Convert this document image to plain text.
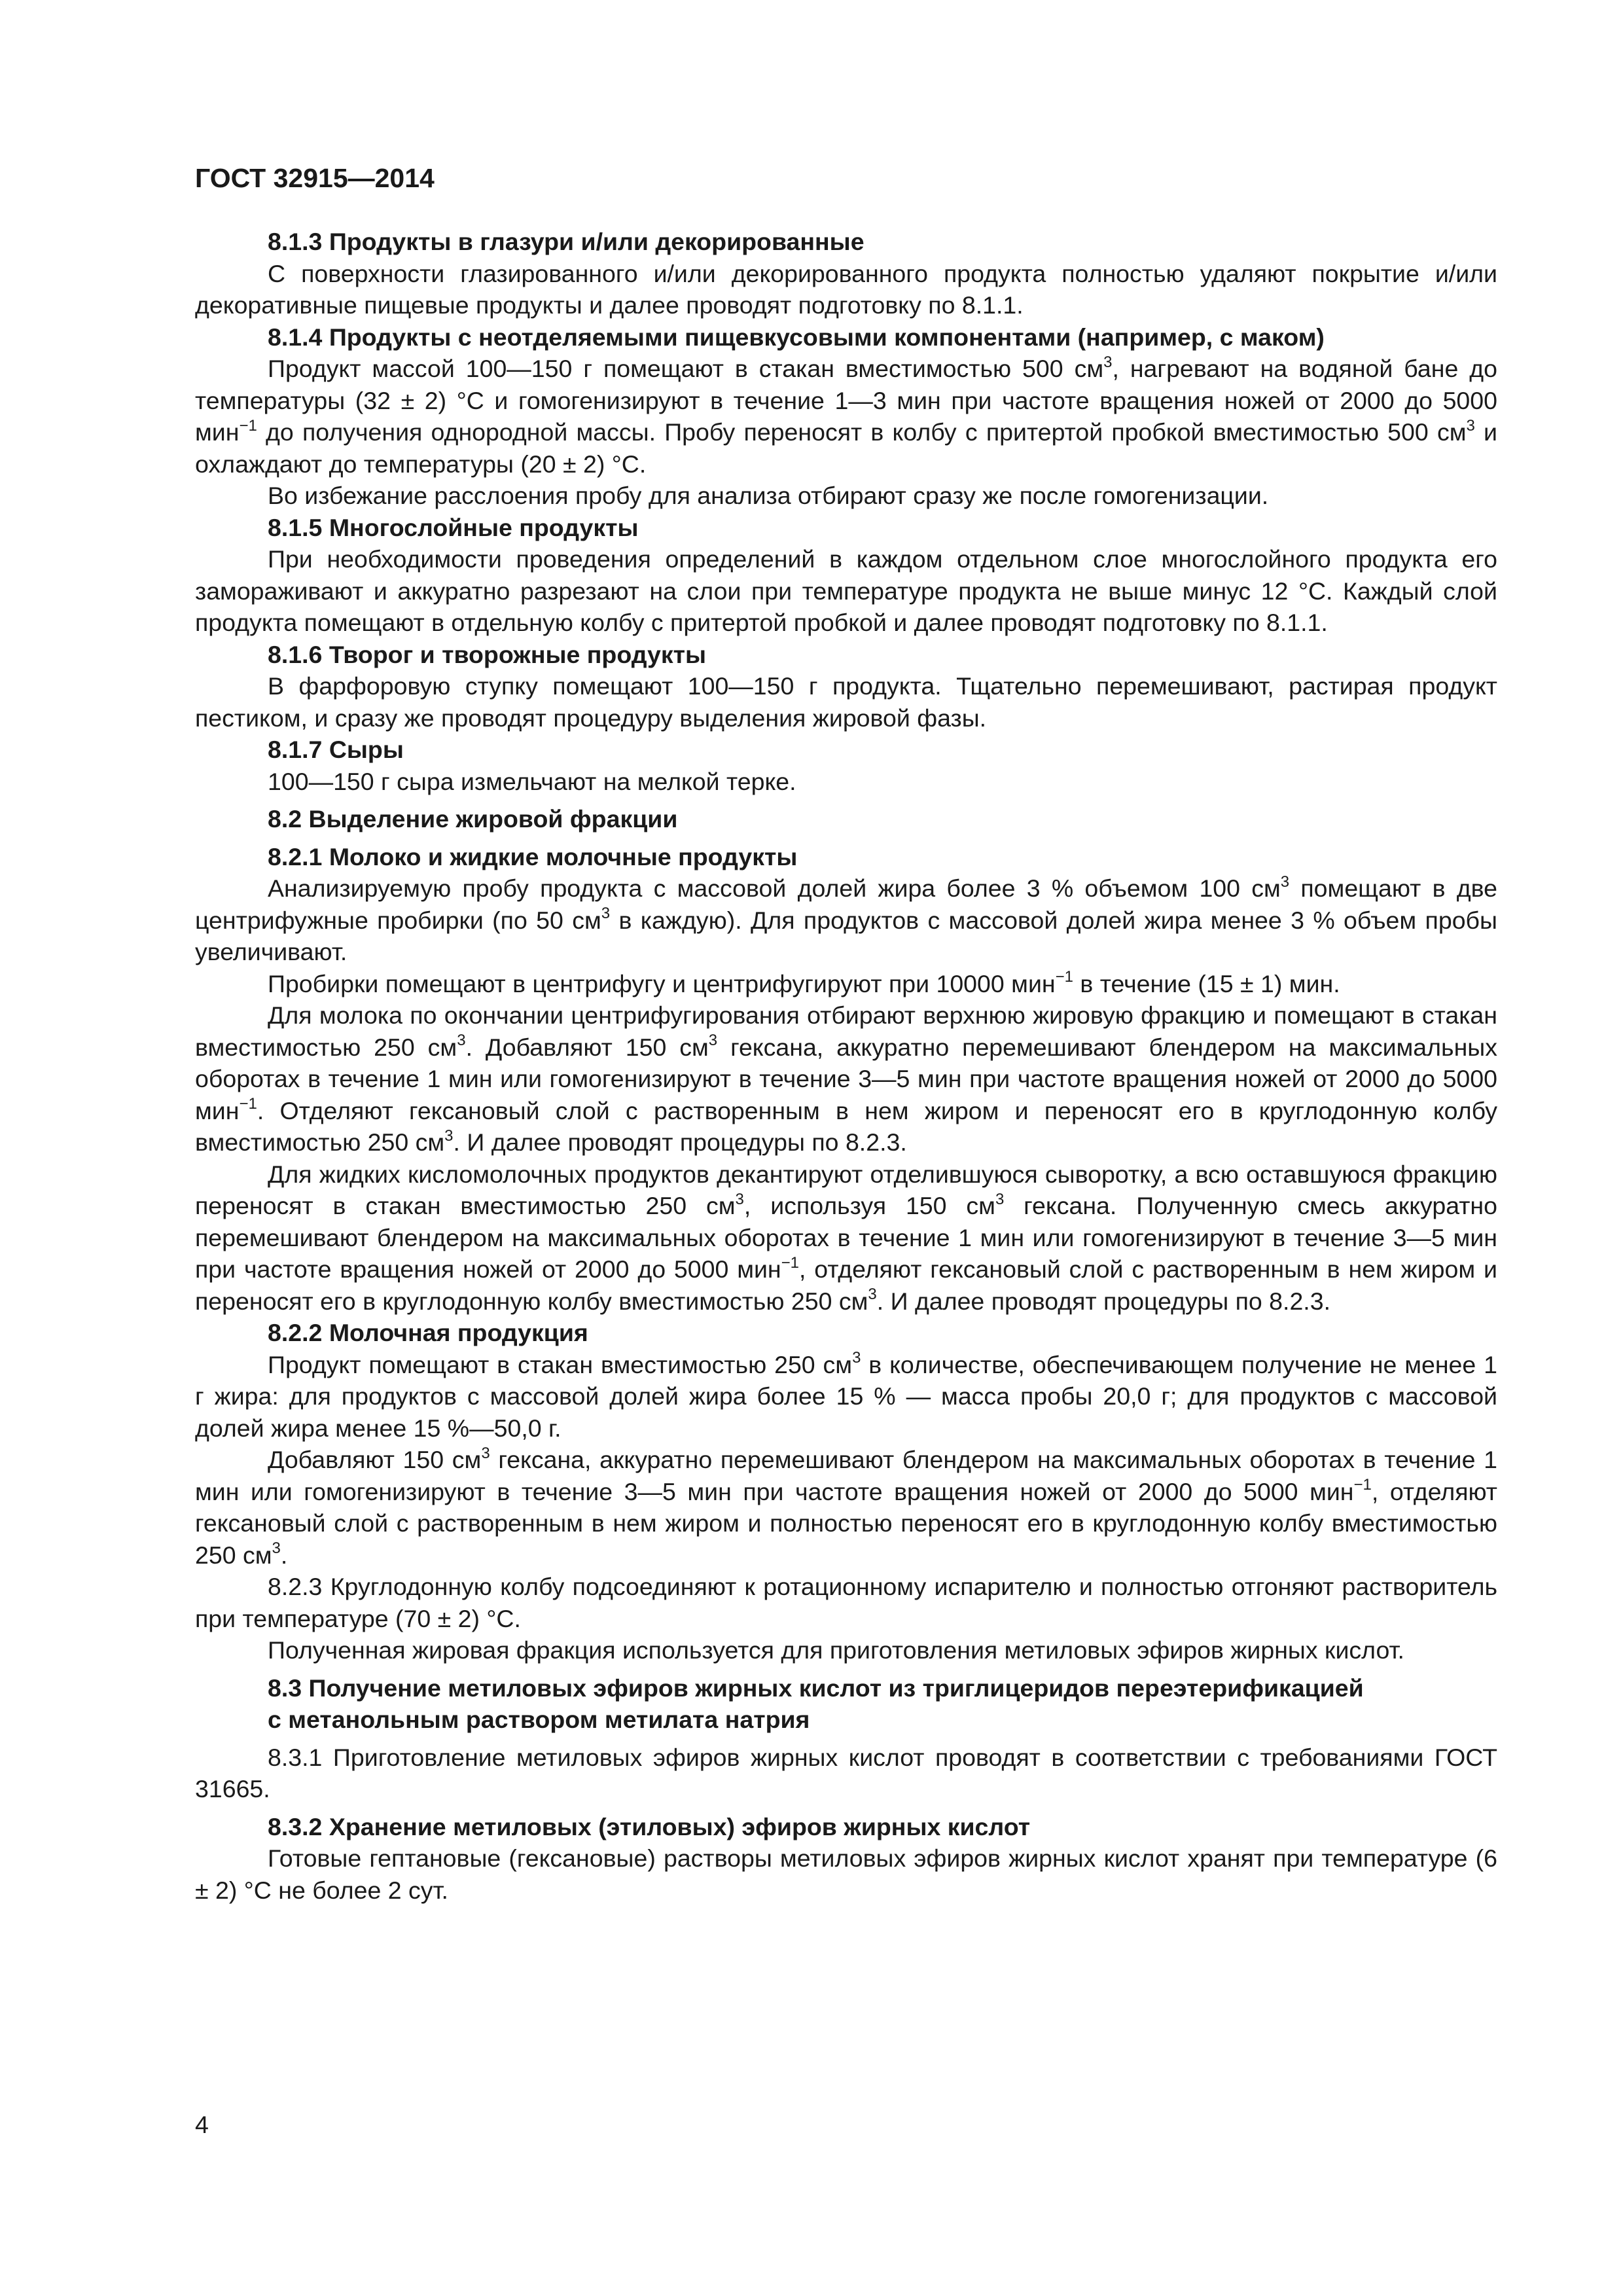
ГОСТ 32915—2014
8.1.3 Продукты в глазури и/или декорированные

С поверхности глазированного и/или декорированного продукта полностью удаляют покрытие и/или декоративные пищевые продукты и далее проводят подготовку по 8.1.1.

8.1.4 Продукты с неотделяемыми пищевкусовыми компонентами (например, с маком)

Продукт массой 100—150 г помещают в стакан вместимостью 500 $см^3$, нагревают на водяной бане до температуры (32 ± 2) °С и гомогенизируют в течение 1—3 мин при частоте вращения ножей от 2000 до 5000 мин$^{-1}$ до получения однородной массы. Пробу переносят в колбу с притертой пробкой вместимостью 500 $см^3$ и охлаждают до температуры (20 ± 2) °С.

Во избежание расслоения пробу для анализа отбирают сразу же после гомогенизации.

8.1.5 Многослойные продукты

При необходимости проведения определений в каждом отдельном слое многослойного продукта его замораживают и аккуратно разрезают на слои при температуре продукта не выше минус 12 °С. Каждый слой продукта помещают в отдельную колбу с притертой пробкой и далее проводят подготовку по 8.1.1.

8.1.6 Творог и творожные продукты

В фарфоровую ступку помещают 100—150 г продукта. Тщательно перемешивают, растирая продукт пестиком, и сразу же проводят процедуру выделения жировой фазы.

8.1.7 Сыры

100—150 г сыра измельчают на мелкой терке.

8.2 Выделение жировой фракции
8.2.1 Молоко и жидкие молочные продукты

Анализируемую пробу продукта с массовой долей жира более 3 % объемом 100 $см^3$ помещают в две центрифужные пробирки (по 50 $см^3$ в каждую). Для продуктов с массовой долей жира менее 3 % объем пробы увеличивают.

Пробирки помещают в центрифугу и центрифугируют при 10000 мин$^{-1}$ в течение (15 ± 1) мин.

Для молока по окончании центрифугирования отбирают верхнюю жировую фракцию и помещают в стакан вместимостью 250 $см^3$. Добавляют 150 $см^3$ гексана, аккуратно перемешивают блендером на максимальных оборотах в течение 1 мин или гомогенизируют в течение 3—5 мин при частоте вращения ножей от 2000 до 5000 мин$^{-1}$. Отделяют гексановый слой с растворенным в нем жиром и переносят его в круглодонную колбу вместимостью 250 $см^3$. И далее проводят процедуры по 8.2.3.

Для жидких кисломолочных продуктов декантируют отделившуюся сыворотку, а всю оставшуюся фракцию переносят в стакан вместимостью 250 $см^3$, используя 150 $см^3$ гексана. Полученную смесь аккуратно перемешивают блендером на максимальных оборотах в течение 1 мин или гомогенизируют в течение 3—5 мин при частоте вращения ножей от 2000 до 5000 мин$^{-1}$, отделяют гексановый слой с растворенным в нем жиром и переносят его в круглодонную колбу вместимостью 250 $см^3$. И далее проводят процедуры по 8.2.3.

8.2.2 Молочная продукция

Продукт помещают в стакан вместимостью 250 $см^3$ в количестве, обеспечивающем получение не менее 1 г жира: для продуктов с массовой долей жира более 15 % — масса пробы 20,0 г; для продуктов с массовой долей жира менее 15 %—50,0 г.

Добавляют 150 $см^3$ гексана, аккуратно перемешивают блендером на максимальных оборотах в течение 1 мин или гомогенизируют в течение 3—5 мин при частоте вращения ножей от 2000 до 5000 мин$^{-1}$, отделяют гексановый слой с растворенным в нем жиром и полностью переносят его в круглодонную колбу вместимостью 250 $см^3$.

8.2.3 Круглодонную колбу подсоединяют к ротационному испарителю и полностью отгоняют растворитель при температуре (70 ± 2) °С.

Полученная жировая фракция используется для приготовления метиловых эфиров жирных кислот.

8.3 Получение метиловых эфиров жирных кислот из триглицеридов переэтерификацией
с метанольным раствором метилата натрия

8.3.1 Приготовление метиловых эфиров жирных кислот проводят в соответствии с требованиями ГОСТ 31665.

8.3.2 Хранение метиловых (этиловых) эфиров жирных кислот

Готовые гептановые (гексановые) растворы метиловых эфиров жирных кислот хранят при температуре (6 ± 2) °С не более 2 сут.

4
